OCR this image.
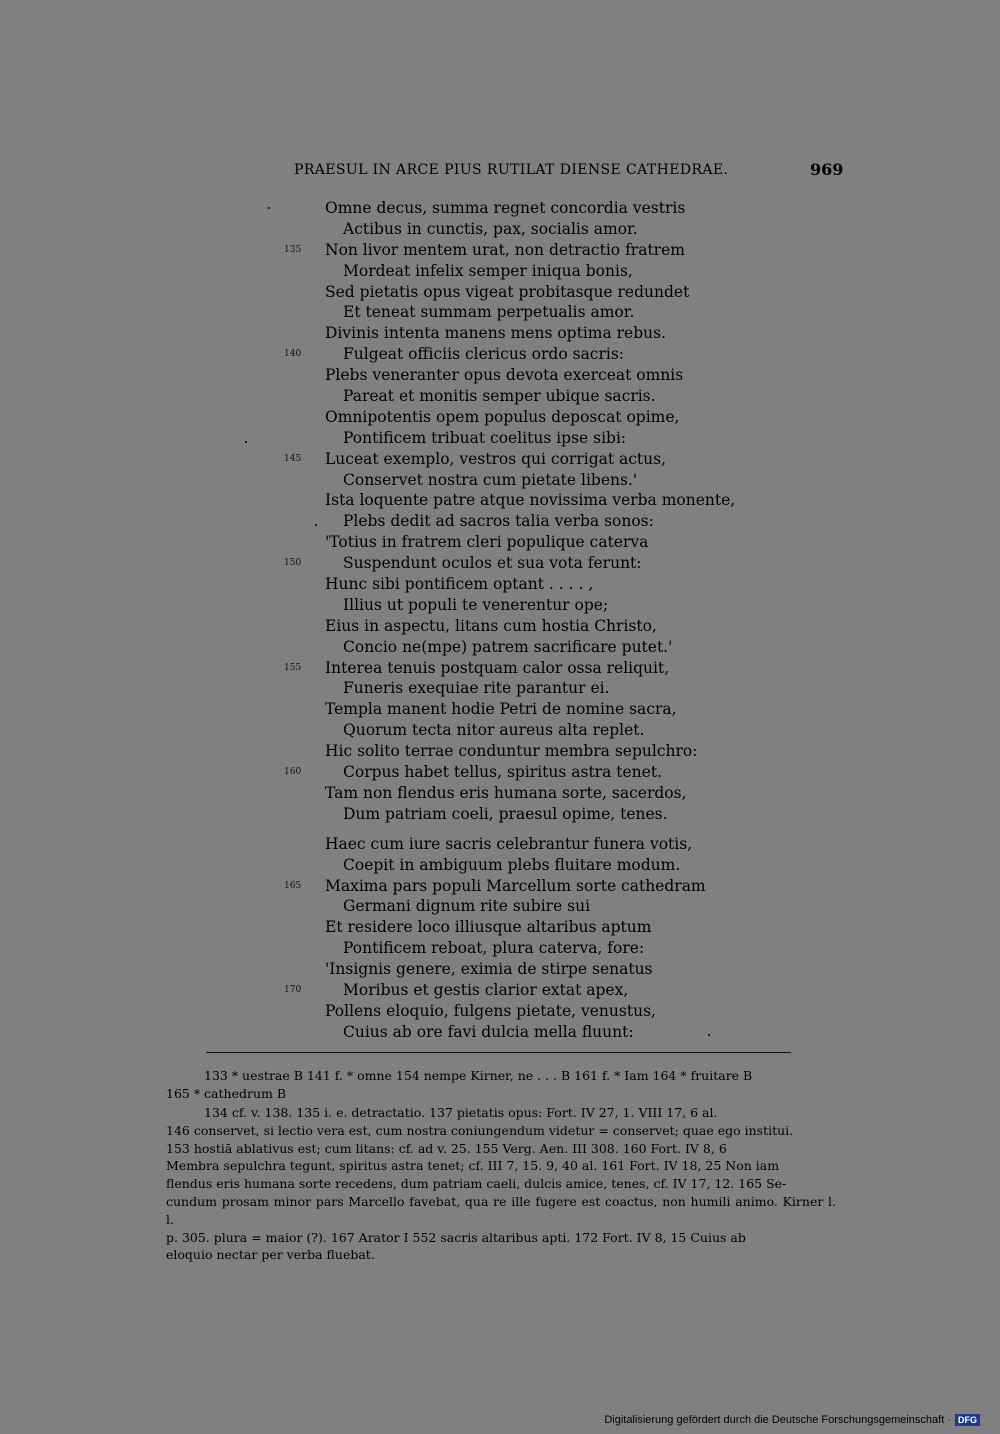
PRAESUL IN ARCE PIUS RUTILAT DIENSE CATHEDRAE.	969
Omne decus, summa regnet concordia vestris
Actibus in cunctis, pax, socialis amor.
135 Non livor mentem urat, non detractio fratrem
Mordeat infelix semper iniqua bonis,
Sed pietatis opus vigeat probitasque redundet
Et teneat summam perpetualis amor.
Divinis intenta manens mens optima rebus.
140	Fulgeat officiis clericus ordo sacris:
Plebs veneranter opus devota exerceat omnis
Pareat et monitis semper ubique sacris.
Omnipotentis opem populus deposcat opime,
Pontificem tribuat coelitus ipse sibi:
145 Luceat exemplo, vestros qui corrigat actus,
Conservet nostra cum pietate libens.'
Ista loquente patre atque novissima verba monente,
Plebs dedit ad sacros talia verba sonos:
'Totius in fratrem cleri populique caterva
150	Suspendunt oculos et sua vota ferunt:
Hunc sibi pontificem optant . . . . ,
Illius ut populi te venerentur ope;
Eius in aspectu, litans cum hostia Christo,
Concio ne(mpe) patrem sacrificare putet.'
155 Interea tenuis postquam calor ossa reliquit,
Funeris exequiae rite parantur ei.
Templa manent hodie Petri de nomine sacra,
Quorum tecta nitor aureus alta replet.
Hic solito terrae conduntur membra sepulchro:
160	Corpus habet tellus, spiritus astra tenet.
Tam non flendus eris humana sorte, sacerdos,
Dum patriam coeli, praesul opime, tenes.
Haec cum iure sacris celebrantur funera votis,
Coepit in ambiguum plebs fluitare modum.
165 Maxima pars populi Marcellum sorte cathedram
Germani dignum rite subire sui
Et residere loco illiusque altaribus aptum
Pontificem reboat, plura caterva, fore:
'Insignis genere, eximia de stirpe senatus
170	Moribus et gestis clarior extat apex,
Pollens eloquio, fulgens pietate, venustus,
Cuius ab ore favi dulcia mella fluunt:
133 * uestrae B 141 f. * omne 154 nempe Kirner, ne . . . B 161 f. * Iam 164 * fruitare B
165 * cathedrum B
134 cf. v. 138. 135 i. e. detractatio. 137 pietatis opus: Fort. IV 27, 1. VIII 17, 6 al.
146 conservet, si lectio vera est, cum nostra coniungendum videtur = conservet; quae ego institui.
153 hostiā ablativus est; cum litans: cf. ad v. 25. 155 Verg. Aen. III 308. 160 Fort. IV 8, 6
Membra sepulchra tegunt, spiritus astra tenet; cf. III 7, 15. 9, 40 al. 161 Fort. IV 18, 25 Non iam
flendus eris humana sorte recedens, dum patriam caeli, dulcis amice, tenes, cf. IV 17, 12. 165 Se-
cundum prosam minor pars Marcello favebat, qua re ille fugere est coactus, non humili animo. Kirner l. l.
p. 305. plura = maior (?). 167 Arator I 552 sacris altaribus apti. 172 Fort. IV 8, 15 Cuius ab
eloquio nectar per verba fluebat.
Digitalisierung gefördert durch die Deutsche Forschungsgemeinschaft · DFG
